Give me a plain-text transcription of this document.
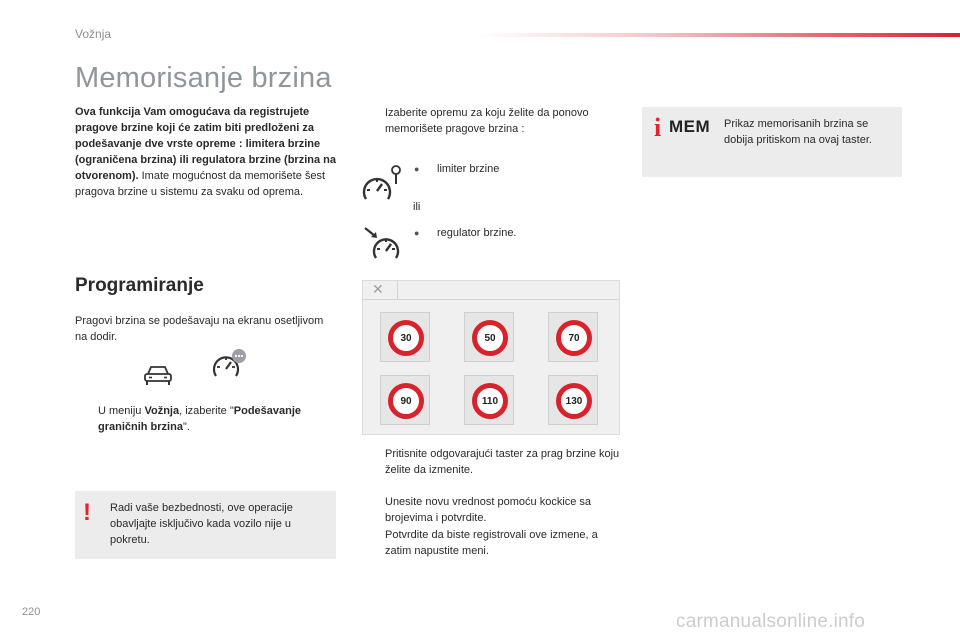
Vožnja
Memorisanje brzina
Ova funkcija Vam omogućava da registrujete pragove brzine koji će zatim biti predloženi za podešavanje dve vrste opreme : limitera brzine (ograničena brzina) ili regulatora brzine (brzina na otvorenom). Imate mogućnost da memorišete šest pragova brzine u sistemu za svaku od oprema.
Programiranje
Pragovi brzina se podešavaju na ekranu osetljivom na dodir.
U meniju Vožnja, izaberite "Podešavanje graničnih brzina".
! Radi vaše bezbednosti, ove operacije obavljajte isključivo kada vozilo nije u pokretu.
Izaberite opremu za koju želite da ponovo memorišete pragove brzina :
●	limiter brzine
ili
●	regulator brzine.
✕
30	50	70
90	110	130
Pritisnite odgovarajući taster za prag brzine koju želite da izmenite.
Unesite novu vrednost pomoću kockice sa brojevima i potvrdite.
Potvrdite da biste registrovali ove izmene, a zatim napustite meni.
i MEM Prikaz memorisanih brzina se dobija pritiskom na ovaj taster.
220	carmanualsonline.info
